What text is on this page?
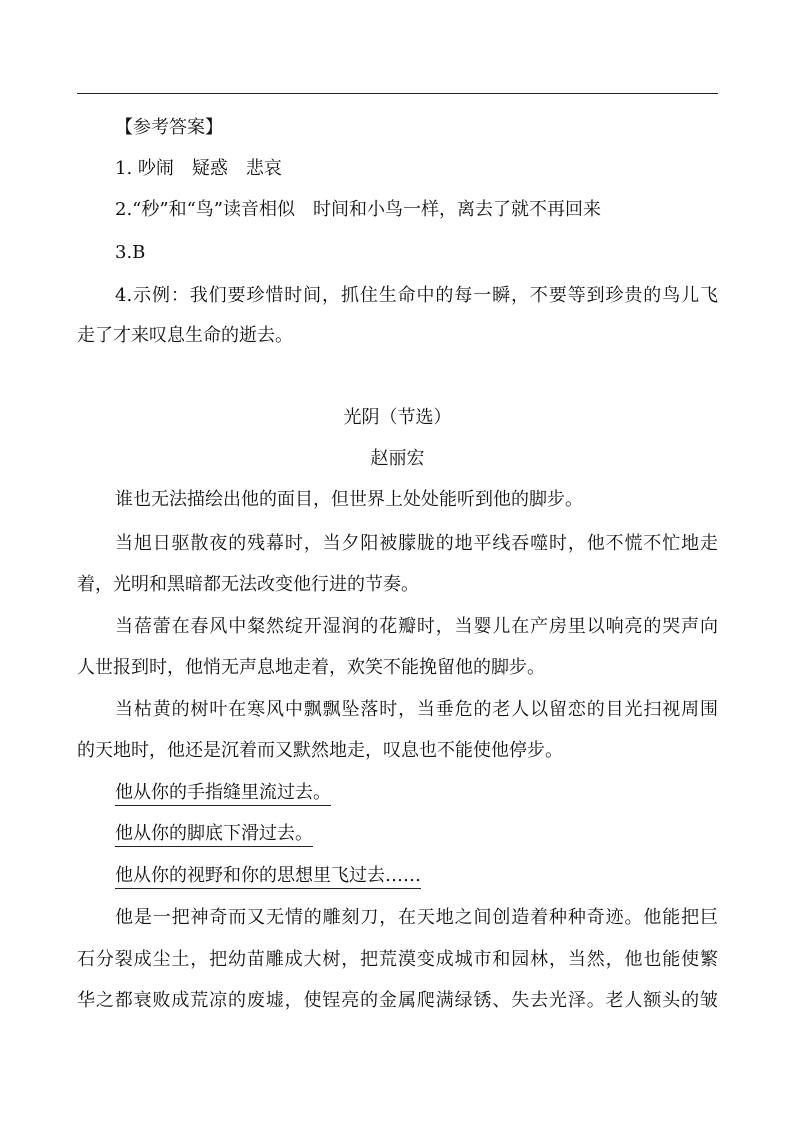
【参考答案】
1. 吵闹　疑惑　悲哀
2.“秒”和“鸟”读音相似　时间和小鸟一样，离去了就不再回来
3.B
4.示例：我们要珍惜时间，抓住生命中的每一瞬，不要等到珍贵的鸟儿飞
走了才来叹息生命的逝去。
光阴（节选）
赵丽宏
谁也无法描绘出他的面目，但世界上处处能听到他的脚步。
当旭日驱散夜的残幕时，当夕阳被朦胧的地平线吞噬时，他不慌不忙地走
着，光明和黑暗都无法改变他行进的节奏。
当蓓蕾在春风中粲然绽开湿润的花瓣时，当婴儿在产房里以响亮的哭声向
人世报到时，他悄无声息地走着，欢笑不能挽留他的脚步。
当枯黄的树叶在寒风中飘飘坠落时，当垂危的老人以留恋的目光扫视周围
的天地时，他还是沉着而又默然地走，叹息也不能使他停步。
他从你的手指缝里流过去。
他从你的脚底下滑过去。
他从你的视野和你的思想里飞过去……
他是一把神奇而又无情的雕刻刀，在天地之间创造着种种奇迹。他能把巨
石分裂成尘土，把幼苗雕成大树，把荒漠变成城市和园林，当然，他也能使繁
华之都衰败成荒凉的废墟，使锃亮的金属爬满绿锈、失去光泽。老人额头的皱
